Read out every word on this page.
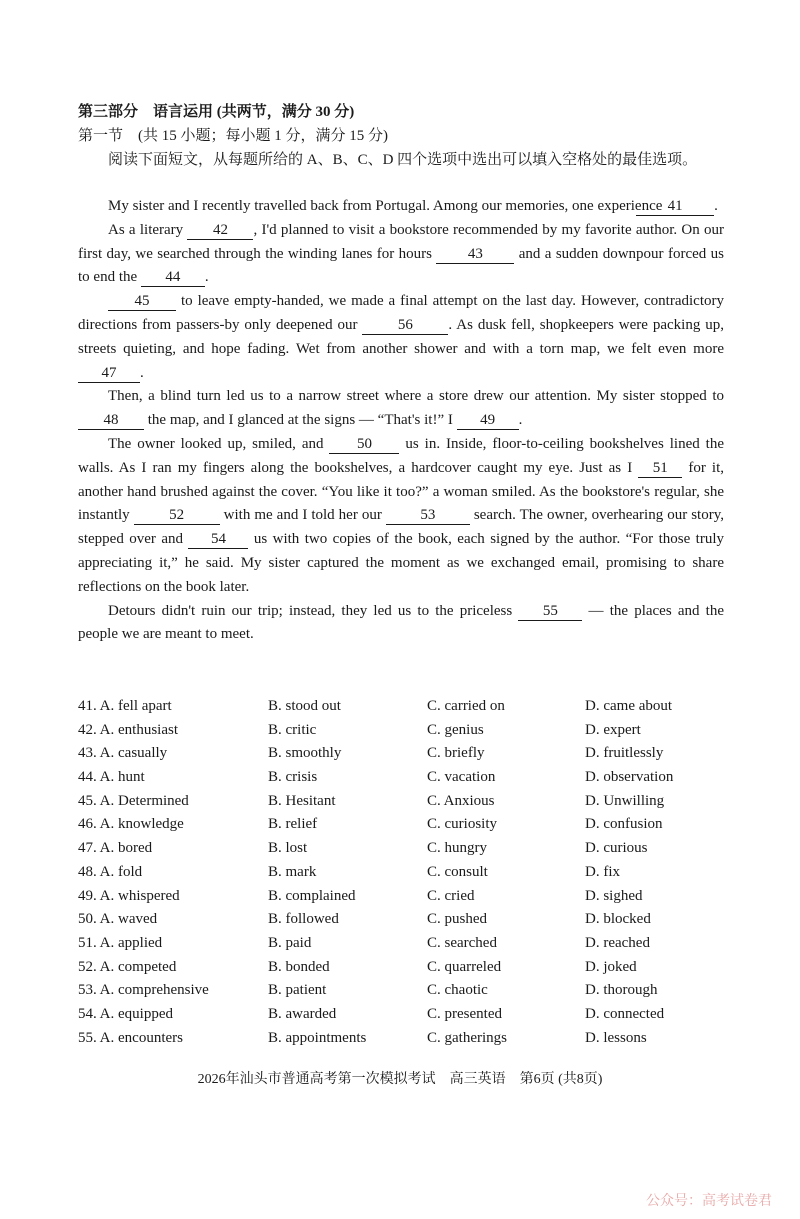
第三部分　语言运用 (共两节，满分 30 分)
第一节　(共 15 小题；每小题 1 分，满分 15 分)
阅读下面短文，从每题所给的 A、B、C、D 四个选项中选出可以填入空格处的最佳选项。

My sister and I recently travelled back from Portugal. Among our memories, one experience 41 .

As a literary 42 , I'd planned to visit a bookstore recommended by my favorite author. On our first day, we searched through the winding lanes for hours 43 and a sudden downpour forced us to end the 44 .

45 to leave empty-handed, we made a final attempt on the last day. However, contradictory directions from passers-by only deepened our 56 . As dusk fell, shopkeepers were packing up, streets quieting, and hope fading. Wet from another shower and with a torn map, we felt even more 47 .

Then, a blind turn led us to a narrow street where a store drew our attention. My sister stopped to 48 the map, and I glanced at the signs — “That's it!” I 49 .

The owner looked up, smiled, and 50 us in. Inside, floor-to-ceiling bookshelves lined the walls. As I ran my fingers along the bookshelves, a hardcover caught my eye. Just as I 51 for it, another hand brushed against the cover. “You like it too?” a woman smiled. As the bookstore's regular, she instantly 52 with me and I told her our 53 search. The owner, overhearing our story, stepped over and 54 us with two copies of the book, each signed by the author. “For those truly appreciating it,” he said. My sister captured the moment as we exchanged email, promising to share reflections on the book later.

Detours didn't ruin our trip; instead, they led us to the priceless 55 — the places and the people we are meant to meet.

41. A. fell apart	B. stood out	C. carried on	D. came about
42. A. enthusiast	B. critic	C. genius	D. expert
43. A. casually	B. smoothly	C. briefly	D. fruitlessly
44. A. hunt	B. crisis	C. vacation	D. observation
45. A. Determined	B. Hesitant	C. Anxious	D. Unwilling
46. A. knowledge	B. relief	C. curiosity	D. confusion
47. A. bored	B. lost	C. hungry	D. curious
48. A. fold	B. mark	C. consult	D. fix
49. A. whispered	B. complained	C. cried	D. sighed
50. A. waved	B. followed	C. pushed	D. blocked
51. A. applied	B. paid	C. searched	D. reached
52. A. competed	B. bonded	C. quarreled	D. joked
53. A. comprehensive	B. patient	C. chaotic	D. thorough
54. A. equipped	B. awarded	C. presented	D. connected
55. A. encounters	B. appointments	C. gatherings	D. lessons
2026年汕头市普通高考第一次模拟考试　高三英语　第6页 (共8页)
公众号：高考试卷君
